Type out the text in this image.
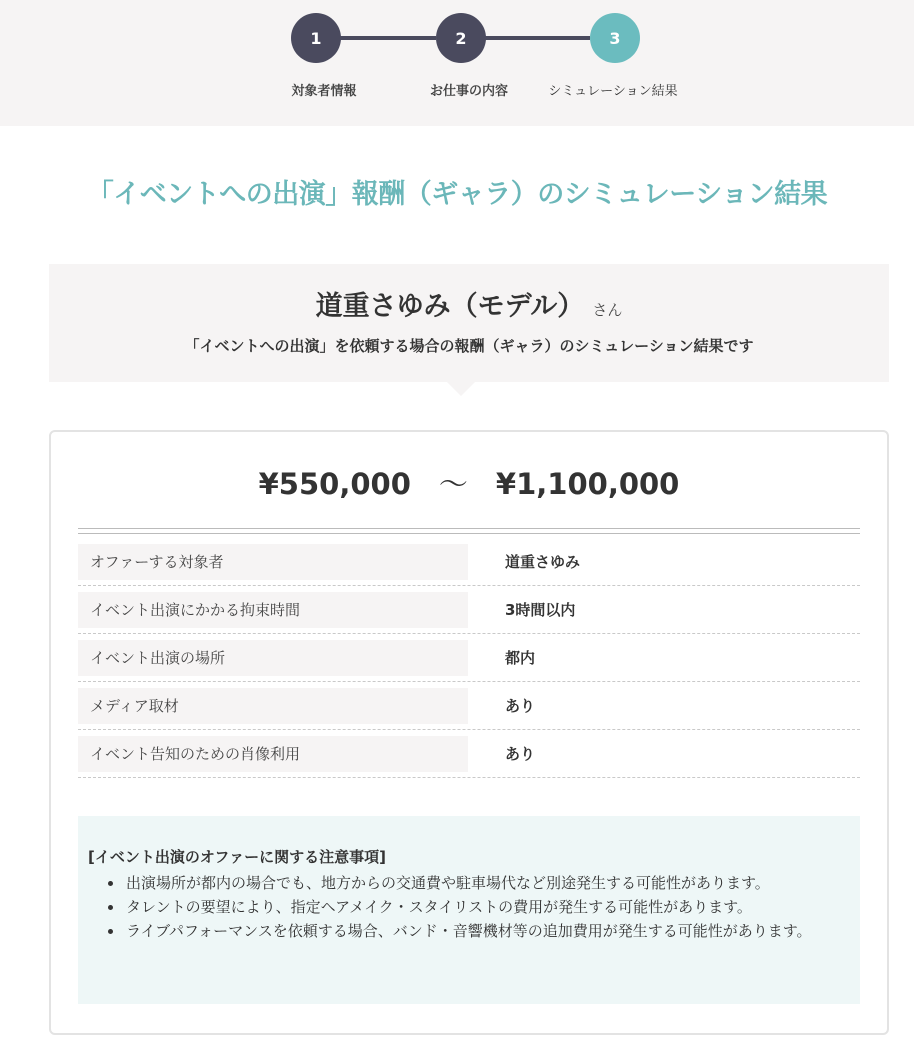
1	2	3
対象者情報	お仕事の内容	シミュレーション結果
「イベントへの出演」報酬（ギャラ）のシミュレーション結果
道重さゆみ（モデル） さん
「イベントへの出演」を依頼する場合の報酬（ギャラ）のシミュレーション結果です
¥550,000 ～ ¥1,100,000
オファーする対象者	道重さゆみ
イベント出演にかかる拘束時間	3時間以内
イベント出演の場所	都内
メディア取材	あり
イベント告知のための肖像利用	あり
[イベント出演のオファーに関する注意事項]
• 出演場所が都内の場合でも、地方からの交通費や駐車場代など別途発生する可能性があります。
• タレントの要望により、指定ヘアメイク・スタイリストの費用が発生する可能性があります。
• ライブパフォーマンスを依頼する場合、バンド・音響機材等の追加費用が発生する可能性があります。
